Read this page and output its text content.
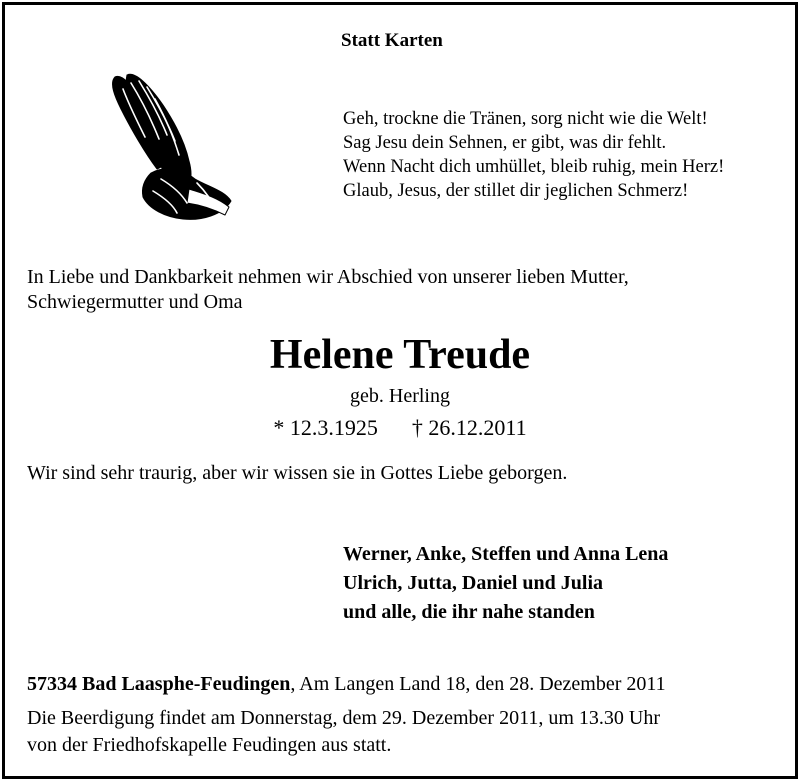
Statt Karten
Geh, trockne die Tränen, sorg nicht wie die Welt!
Sag Jesu dein Sehnen, er gibt, was dir fehlt.
Wenn Nacht dich umhüllet, bleib ruhig, mein Herz!
Glaub, Jesus, der stillet dir jeglichen Schmerz!
In Liebe und Dankbarkeit nehmen wir Abschied von unserer lieben Mutter,
Schwiegermutter und Oma
Helene Treude
geb. Herling
* 12.3.1925 † 26.12.2011
Wir sind sehr traurig, aber wir wissen sie in Gottes Liebe geborgen.
Werner, Anke, Steffen und Anna Lena
Ulrich, Jutta, Daniel und Julia
und alle, die ihr nahe standen
57334 Bad Laasphe-Feudingen, Am Langen Land 18, den 28. Dezember 2011
Die Beerdigung findet am Donnerstag, dem 29. Dezember 2011, um 13.30 Uhr
von der Friedhofskapelle Feudingen aus statt.
